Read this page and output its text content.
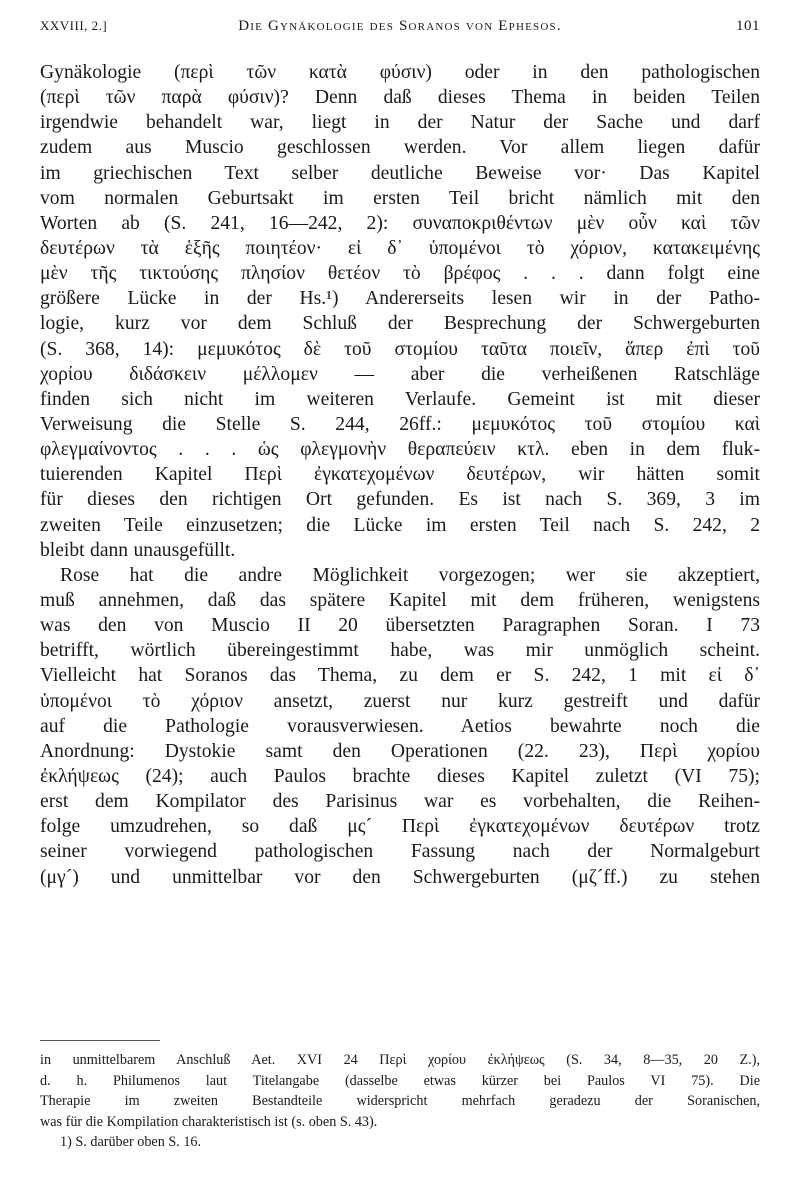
XXVIII, 2.]	Die Gynäkologie des Soranos von Ephesos.	101
Gynäkologie (περὶ τῶν κατὰ φύσιν) oder in den pathologischen
(περὶ τῶν παρὰ φύσιν)? Denn daß dieses Thema in beiden Teilen
irgendwie behandelt war, liegt in der Natur der Sache und darf
zudem aus Muscio geschlossen werden. Vor allem liegen dafür
im griechischen Text selber deutliche Beweise vor· Das Kapitel
vom normalen Geburtsakt im ersten Teil bricht nämlich mit den
Worten ab (S. 241, 16—242, 2): συναποκριθέντων μὲν οὖν καὶ τῶν
δευτέρων τὰ ἑξῆς ποιητέον· εἰ δ᾽ ὑπομένοι τὸ χόριον, κατακειμένης
μὲν τῆς τικτούσης πλησίον θετέον τὸ βρέφος . . . dann folgt eine
größere Lücke in der Hs.¹) Andererseits lesen wir in der Patho-
logie, kurz vor dem Schluß der Besprechung der Schwergeburten
(S. 368, 14): μεμυκότος δὲ τοῦ στομίου ταῦτα ποιεῖν, ἅπερ ἐπὶ τοῦ
χορίου διδάσκειν μέλλομεν — aber die verheißenen Ratschläge
finden sich nicht im weiteren Verlaufe. Gemeint ist mit dieser
Verweisung die Stelle S. 244, 26ff.: μεμυκότος τοῦ στομίου καὶ
φλεγμαίνοντος . . . ὡς φλεγμονὴν θεραπεύειν κτλ. eben in dem fluk-
tuierenden Kapitel Περὶ ἐγκατεχομένων δευτέρων, wir hätten somit
für dieses den richtigen Ort gefunden. Es ist nach S. 369, 3 im
zweiten Teile einzusetzen; die Lücke im ersten Teil nach S. 242, 2
bleibt dann unausgefüllt.
Rose hat die andre Möglichkeit vorgezogen; wer sie akzeptiert,
muß annehmen, daß das spätere Kapitel mit dem früheren, wenigstens
was den von Muscio II 20 übersetzten Paragraphen Soran. I 73
betrifft, wörtlich übereingestimmt habe, was mir unmöglich scheint.
Vielleicht hat Soranos das Thema, zu dem er S. 242, 1 mit εἰ δ᾽
ὑπομένοι τὸ χόριον ansetzt, zuerst nur kurz gestreift und dafür
auf die Pathologie vorausverwiesen. Aetios bewahrte noch die
Anordnung: Dystokie samt den Operationen (22. 23), Περὶ χορίου
ἐκλήψεως (24); auch Paulos brachte dieses Kapitel zuletzt (VI 75);
erst dem Kompilator des Parisinus war es vorbehalten, die Reihen-
folge umzudrehen, so daß μς´ Περὶ ἐγκατεχομένων δευτέρων trotz
seiner vorwiegend pathologischen Fassung nach der Normalgeburt
(μγ´) und unmittelbar vor den Schwergeburten (μζ´ff.) zu stehen
in unmittelbarem Anschluß Aet. XVI 24 Περὶ χορίου ἐκλήψεως (S. 34, 8—35, 20 Z.),
d. h. Philumenos laut Titelangabe (dasselbe etwas kürzer bei Paulos VI 75). Die
Therapie im zweiten Bestandteile widerspricht mehrfach geradezu der Soranischen,
was für die Kompilation charakteristisch ist (s. oben S. 43).
1) S. darüber oben S. 16.
